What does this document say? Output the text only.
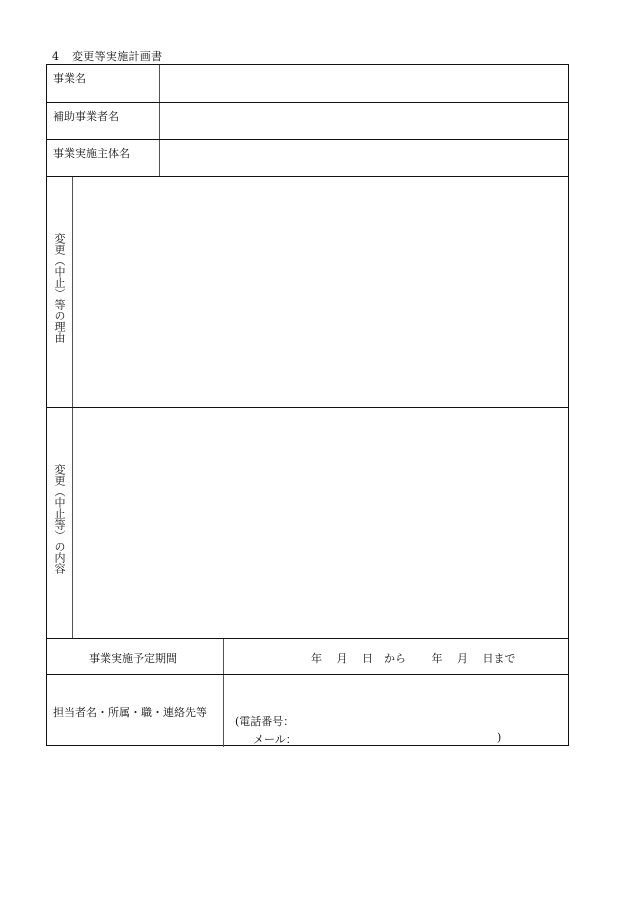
4 変更等実施計画書
事業名
補助事業者名
事業実施主体名
変更（中止）等の理由
変更（中止等）の内容
事業実施予定期間	年　 月　 日　から　　 年　 月　 日まで
担当者名・所属・職・連絡先等
(電話番号：
メール：	)
